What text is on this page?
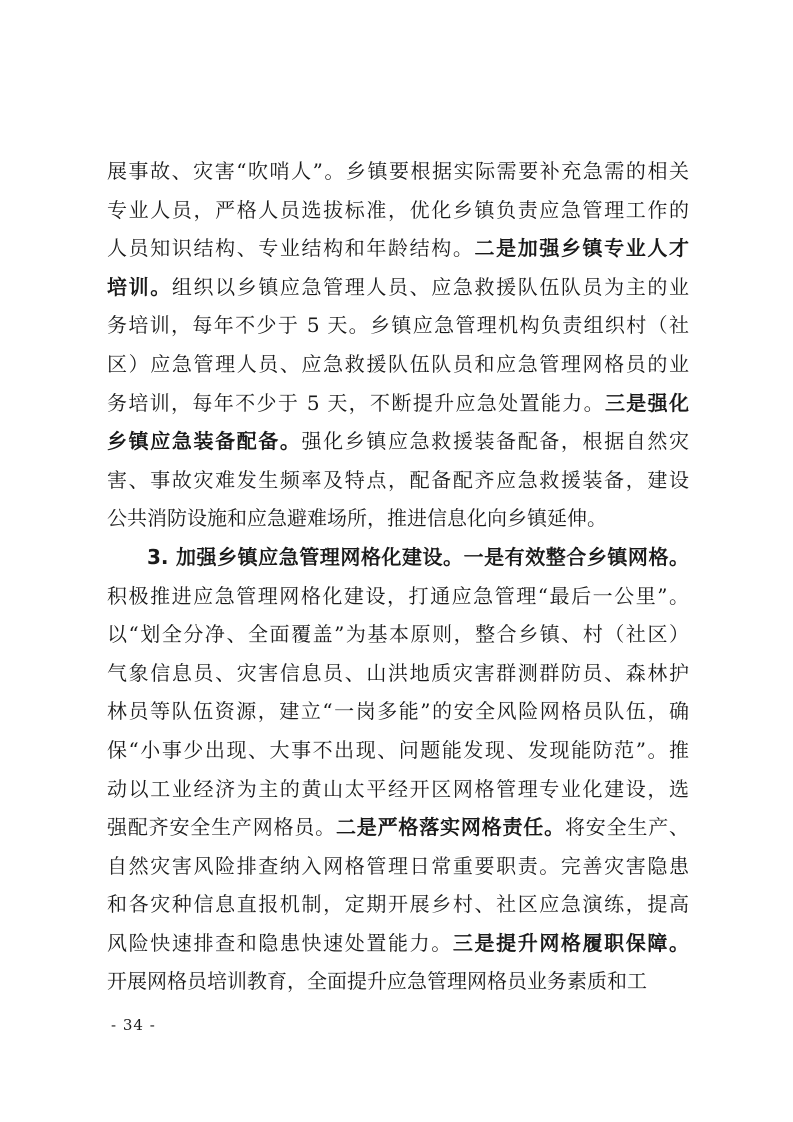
展事故、灾害“吹哨人”。乡镇要根据实际需要补充急需的相关
专业人员，严格人员选拔标准，优化乡镇负责应急管理工作的
人员知识结构、专业结构和年龄结构。二是加强乡镇专业人才
培训。组织以乡镇应急管理人员、应急救援队伍队员为主的业
务培训，每年不少于 5 天。乡镇应急管理机构负责组织村（社
区）应急管理人员、应急救援队伍队员和应急管理网格员的业
务培训，每年不少于 5 天，不断提升应急处置能力。三是强化
乡镇应急装备配备。强化乡镇应急救援装备配备，根据自然灾
害、事故灾难发生频率及特点，配备配齐应急救援装备，建设
公共消防设施和应急避难场所，推进信息化向乡镇延伸。
3. 加强乡镇应急管理网格化建设。一是有效整合乡镇网格。
积极推进应急管理网格化建设，打通应急管理“最后一公里”。
以“划全分净、全面覆盖”为基本原则，整合乡镇、村（社区）
气象信息员、灾害信息员、山洪地质灾害群测群防员、森林护
林员等队伍资源，建立“一岗多能”的安全风险网格员队伍，确
保“小事少出现、大事不出现、问题能发现、发现能防范”。推
动以工业经济为主的黄山太平经开区网格管理专业化建设，选
强配齐安全生产网格员。二是严格落实网格责任。将安全生产、
自然灾害风险排查纳入网格管理日常重要职责。完善灾害隐患
和各灾种信息直报机制，定期开展乡村、社区应急演练，提高
风险快速排查和隐患快速处置能力。三是提升网格履职保障。
开展网格员培训教育，全面提升应急管理网格员业务素质和工
- 34 -
